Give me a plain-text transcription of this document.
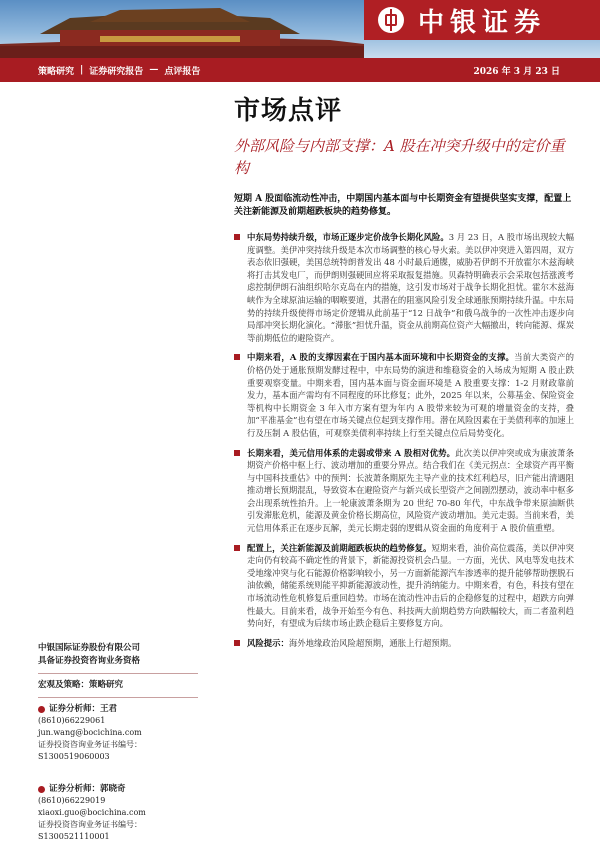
中银证券
策略研究 | 证券研究报告 — 点评报告	2026 年 3 月 23 日
市场点评
外部风险与内部支撑：A 股在冲突升级中的定价重构
短期 A 股面临流动性冲击，中期国内基本面与中长期资金有望提供坚实支撑，配置上关注新能源及前期超跌板块的趋势修复。
中东局势持续升级，市场正逐步定价战争长期化风险。3 月 23 日，A 股市场出现较大幅度调整。美伊冲突持续升级是本次市场调整的核心导火索。美以伊冲突进入第四周，双方表态依旧强硬，美国总统特朗普发出 48 小时最后通牒，威胁若伊朗不开放霍尔木兹海峡将打击其发电厂，而伊朗则强硬回应将采取报复措施。贝森特明确表示会采取包括涨渡考虑控制伊朗石油组织哈尔克岛在内的措施，这引发市场对于战争长期化担忧。霍尔木兹海峡作为全球原油运输的咽喉要道，其潜在的阻塞风险引发全球通胀预期持续升温。中东局势的持续升级使得市场定价逻辑从此前基于“12 日战争”和俄乌战争的一次性冲击逐步向局部冲突长期化演化。“滞胀”担忧升温，资金从前期高位资产大幅撤出，转向能源、煤炭等前期低位的避险资产。
中期来看，A 股的支撑因素在于国内基本面环境和中长期资金的支撑。当前大类资产的价格仍处于通胀预期发酵过程中，中东局势的演进和维稳资金的入场成为短期 A 股止跌重要观察变量。中期来看，国内基本面与资金面环境是 A 股重要支撑：1-2 月财政靠前发力，基本面产需均有不同程度的环比修复；此外，2025 年以来，公募基金、保险资金等机构中长期资金 3 年入市方案有望为年内 A 股带来较为可观的增量资金的支持，叠加“平准基金”也有望在市场关键点位起到支撑作用。潜在风险因素在于美债利率的加速上行及压制 A 股估值，可观察美债利率持续上行至关键点位后局势变化。
长期来看，美元信用体系的走弱或带来 A 股相对优势。此次美以伊冲突或成为康波萧条期资产价格中枢上行、波动增加的重要分界点。结合我们在《美元拐点：全球资产再平衡与中国科技重估》中的预判：长波萧条期原先主导产业的技术红利趋尽，旧产能出清遇阻推动增长预期混乱，导致资本在避险资产与新兴成长型资产之间剧烈摆动，波动率中枢多会出现系统性抬升。上一轮康波萧条期为 20 世纪 70-80 年代，中东战争带来原油断供引发滞胀危机，能源及黄金价格长期高位，风险资产波动增加。美元走弱。当前来看，美元信用体系正在逐步瓦解，美元长期走弱的逻辑从资金面的角度利于 A 股价值重塑。
配置上，关注新能源及前期超跌板块的趋势修复。短期来看，油价高位震荡，美以伊冲突走向仍有较高不确定性的背景下，新能源投资机会凸显。一方面，光伏、风电等发电技术受地缘冲突与化石能源价格影响较小，另一方面新能源汽车渗透率的提升能够帮助摆脱石油依赖，储能系统则能平抑新能源波动性，提升消纳能力。中期来看，有色，科技有望在市场流动性危机修复后重回趋势。市场在流动性冲击后的企稳修复的过程中，超跌方向弹性最大。目前来看，战争开始至今有色、科技两大前期趋势方向跌幅较大，而二者盈利趋势向好，有望成为后续市场止跌企稳后主要修复方向。
风险提示：海外地缘政治风险超预期，通胀上行超预期。
中银国际证券股份有限公司
具备证券投资咨询业务资格
宏观及策略：策略研究
证券分析师：王君
(8610)66229061
jun.wang@bocichina.com
证券投资咨询业务证书编号：S1300519060003
证券分析师：郭晓奇
(8610)66229019
xiaoxi.guo@bocichina.com
证券投资咨询业务证书编号：S1300521110001
